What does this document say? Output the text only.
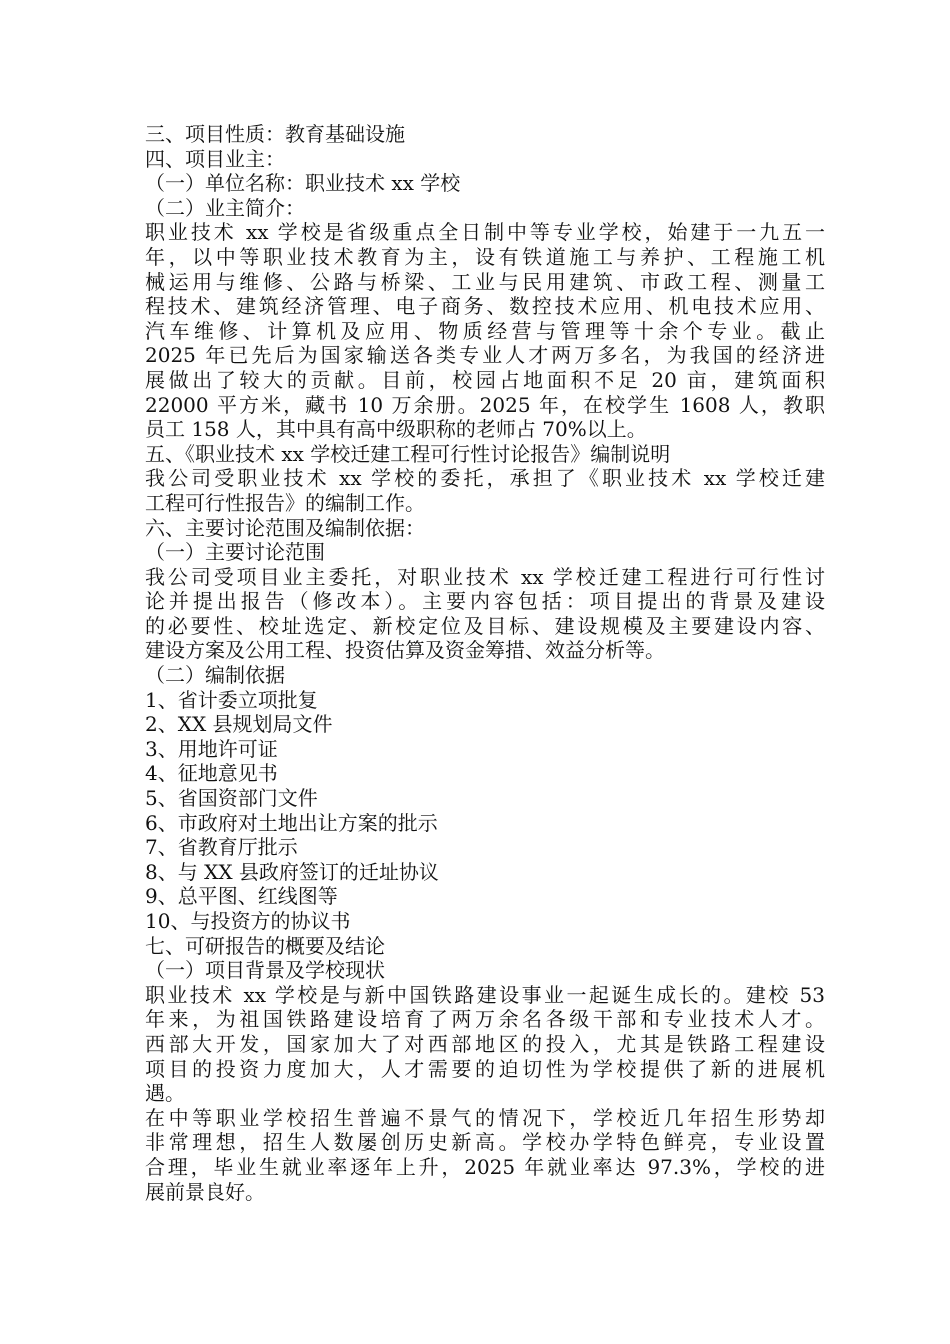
三、项目性质：教育基础设施
四、项目业主：
（一）单位名称：职业技术 xx 学校
（二）业主简介：
职业技术 xx 学校是省级重点全日制中等专业学校，始建于一九五一
年，以中等职业技术教育为主，设有铁道施工与养护、工程施工机
械运用与维修、公路与桥梁、工业与民用建筑、市政工程、测量工
程技术、建筑经济管理、电子商务、数控技术应用、机电技术应用、
汽车维修、计算机及应用、物质经营与管理等十余个专业。截止
2025 年已先后为国家输送各类专业人才两万多名，为我国的经济进
展做出了较大的贡献。目前，校园占地面积不足 20 亩，建筑面积
22000 平方米，藏书 10 万余册。2025 年，在校学生 1608 人，教职
员工 158 人，其中具有高中级职称的老师占 70%以上。
五、《职业技术 xx 学校迁建工程可行性讨论报告》编制说明
我公司受职业技术 xx 学校的委托，承担了《职业技术 xx 学校迁建
工程可行性报告》的编制工作。
六、主要讨论范围及编制依据：
（一）主要讨论范围
我公司受项目业主委托，对职业技术 xx 学校迁建工程进行可行性讨
论并提出报告（修改本）。主要内容包括：项目提出的背景及建设
的必要性、校址选定、新校定位及目标、建设规模及主要建设内容、
建设方案及公用工程、投资估算及资金筹措、效益分析等。
（二）编制依据
1、省计委立项批复
2、XX 县规划局文件
3、用地许可证
4、征地意见书
5、省国资部门文件
6、市政府对土地出让方案的批示
7、省教育厅批示
8、与 XX 县政府签订的迁址协议
9、总平图、红线图等
10、与投资方的协议书
七、可研报告的概要及结论
（一）项目背景及学校现状
职业技术 xx 学校是与新中国铁路建设事业一起诞生成长的。建校 53
年来，为祖国铁路建设培育了两万余名各级干部和专业技术人才。
西部大开发，国家加大了对西部地区的投入，尤其是铁路工程建设
项目的投资力度加大，人才需要的迫切性为学校提供了新的进展机
遇。
在中等职业学校招生普遍不景气的情况下，学校近几年招生形势却
非常理想，招生人数屡创历史新高。学校办学特色鲜亮，专业设置
合理，毕业生就业率逐年上升，2025 年就业率达 97.3%，学校的进
展前景良好。
